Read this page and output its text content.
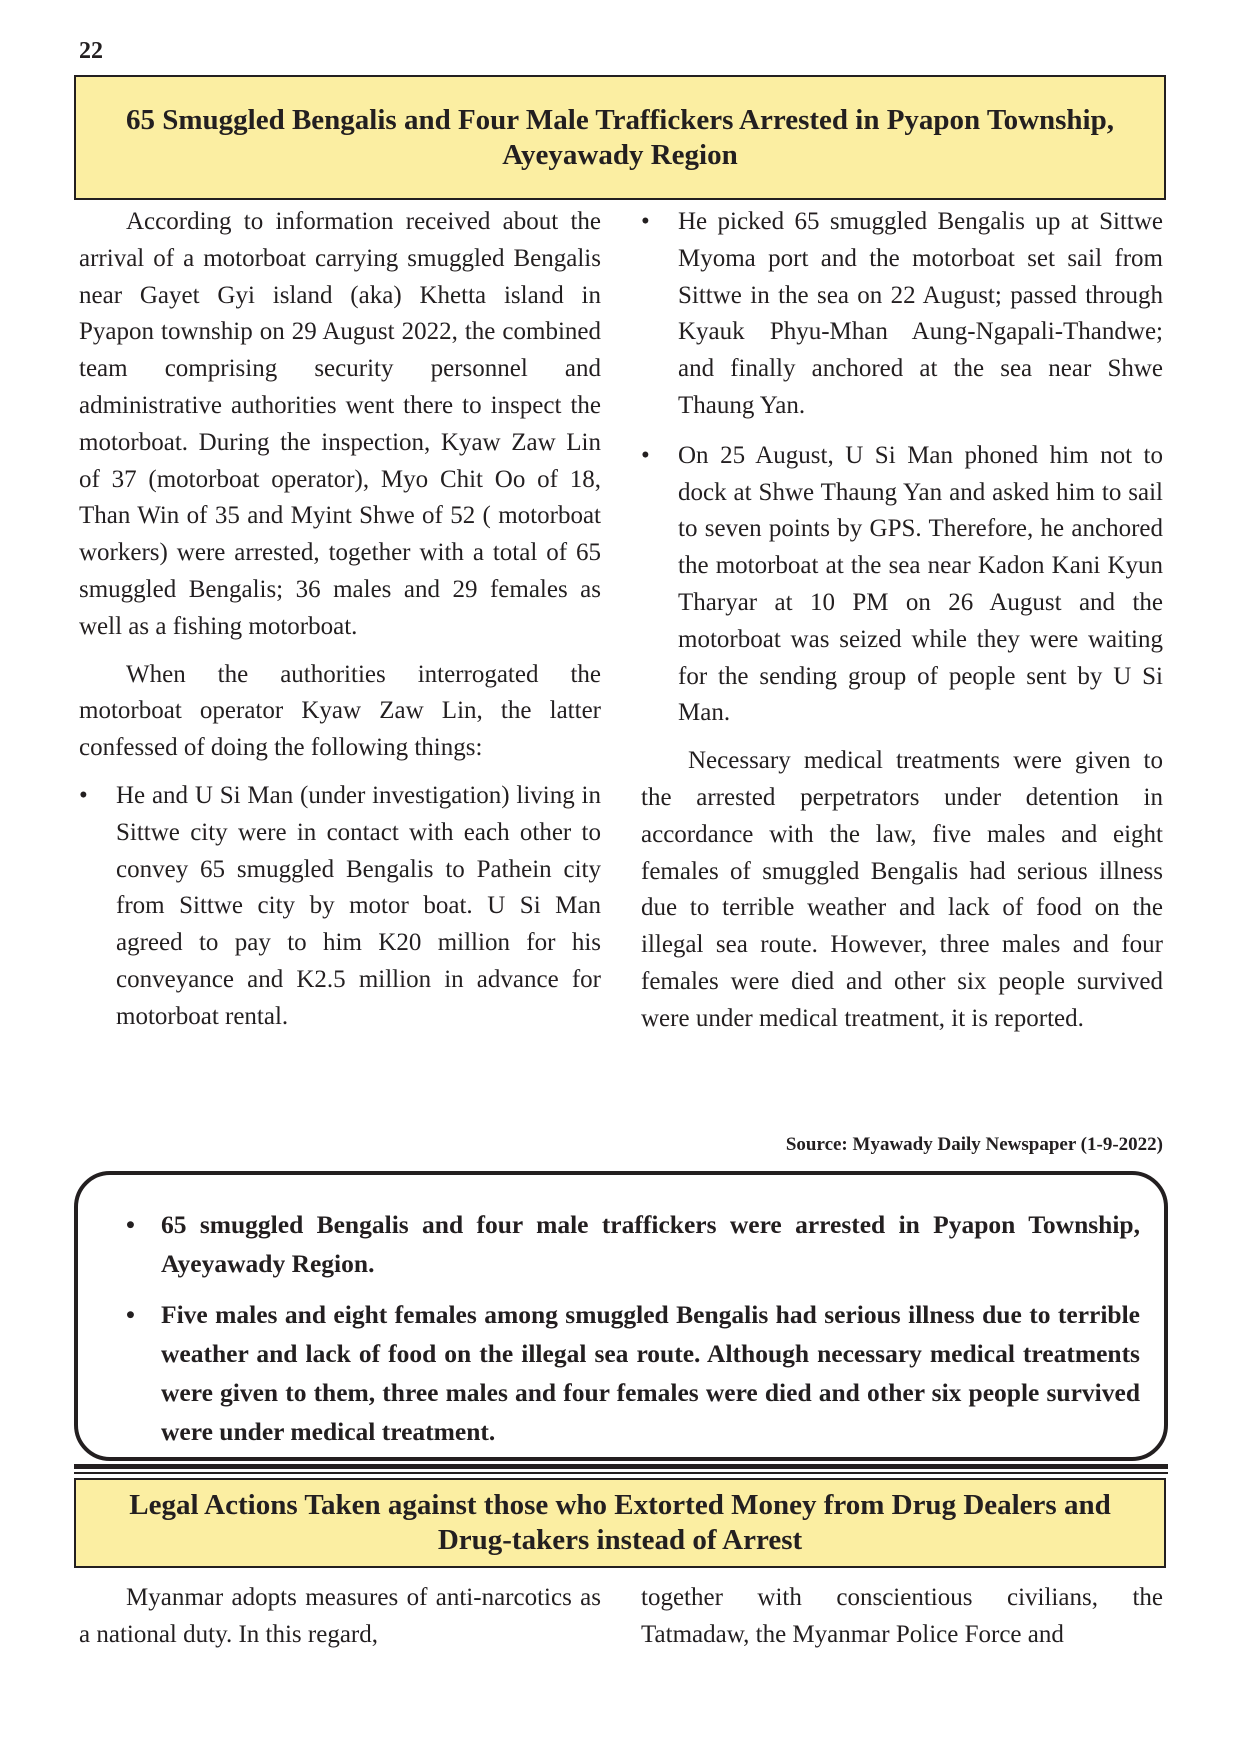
22
65 Smuggled Bengalis and Four Male Traffickers Arrested in Pyapon Township,
Ayeyawady Region

According to information received about the arrival of a motorboat carrying smuggled Bengalis near Gayet Gyi island (aka) Khetta island in Pyapon township on 29 August 2022, the combined team comprising security personnel and administrative authorities went there to inspect the motorboat. During the inspection, Kyaw Zaw Lin of 37 (motorboat operator), Myo Chit Oo of 18, Than Win of 35 and Myint Shwe of 52 ( motorboat workers) were arrested, together with a total of 65 smuggled Bengalis; 36 males and 29 females as well as a fishing motorboat.

When the authorities interrogated the motorboat operator Kyaw Zaw Lin, the latter confessed of doing the following things:

• He and U Si Man (under investigation) living in Sittwe city were in contact with each other to convey 65 smuggled Bengalis to Pathein city from Sittwe city by motor boat. U Si Man agreed to pay to him K20 million for his conveyance and K2.5 million in advance for motorboat rental.
• He picked 65 smuggled Bengalis up at Sittwe Myoma port and the motorboat set sail from Sittwe in the sea on 22 August; passed through Kyauk Phyu-Mhan Aung-Ngapali-Thandwe; and finally anchored at the sea near Shwe Thaung Yan.
• On 25 August, U Si Man phoned him not to dock at Shwe Thaung Yan and asked him to sail to seven points by GPS. Therefore, he anchored the motorboat at the sea near Kadon Kani Kyun Tharyar at 10 PM on 26 August and the motorboat was seized while they were waiting for the sending group of people sent by U Si Man.

Necessary medical treatments were given to the arrested perpetrators under detention in accordance with the law, five males and eight females of smuggled Bengalis had serious illness due to terrible weather and lack of food on the illegal sea route. However, three males and four females were died and other six people survived were under medical treatment, it is reported.

Source: Myawady Daily Newspaper (1-9-2022)
• 65 smuggled Bengalis and four male traffickers were arrested in Pyapon Township, Ayeyawady Region.
• Five males and eight females among smuggled Bengalis had serious illness due to terrible weather and lack of food on the illegal sea route. Although necessary medical treatments were given to them, three males and four females were died and other six people survived were under medical treatment.
Legal Actions Taken against those who Extorted Money from Drug Dealers and
Drug-takers instead of Arrest

Myanmar adopts measures of anti-narcotics as a national duty. In this regard,

together with conscientious civilians, the Tatmadaw, the Myanmar Police Force and
